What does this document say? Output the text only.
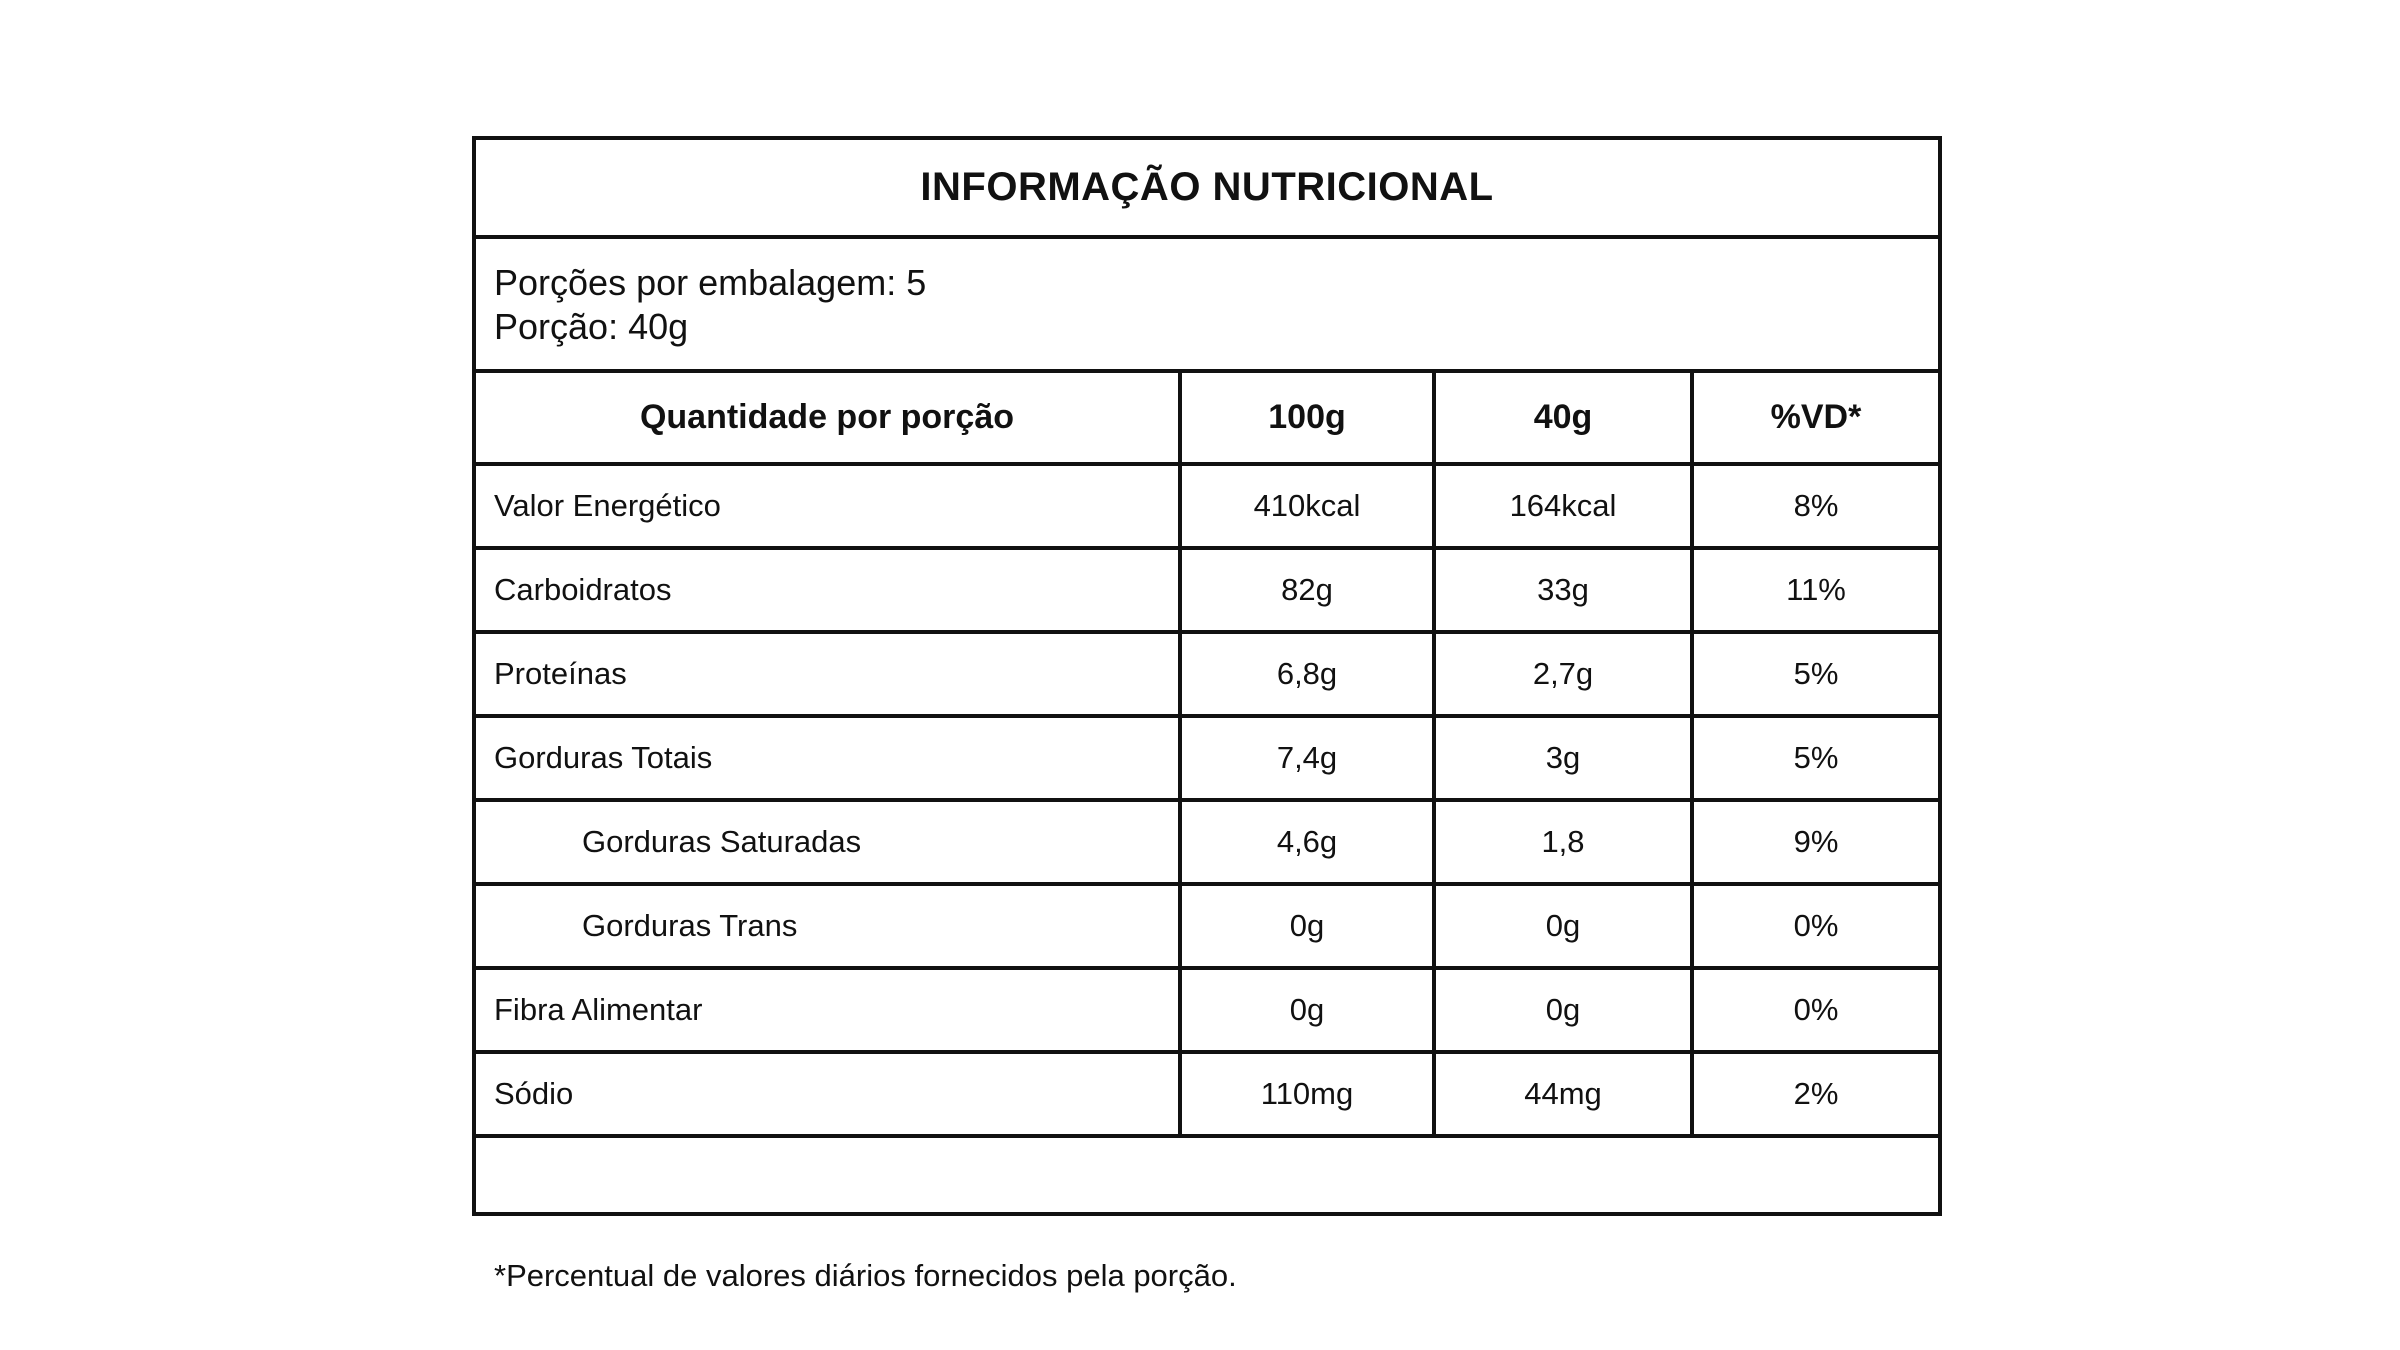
INFORMAÇÃO NUTRICIONAL
Porções por embalagem: 5
Porção: 40g
Quantidade por porção	100g	40g	%VD*
Valor Energético	410kcal	164kcal	8%
Carboidratos	82g	33g	11%
Proteínas	6,8g	2,7g	5%
Gorduras Totais	7,4g	3g	5%
Gorduras Saturadas	4,6g	1,8	9%
Gorduras Trans	0g	0g	0%
Fibra Alimentar	0g	0g	0%
Sódio	110mg	44mg	2%
*Percentual de valores diários fornecidos pela porção.
